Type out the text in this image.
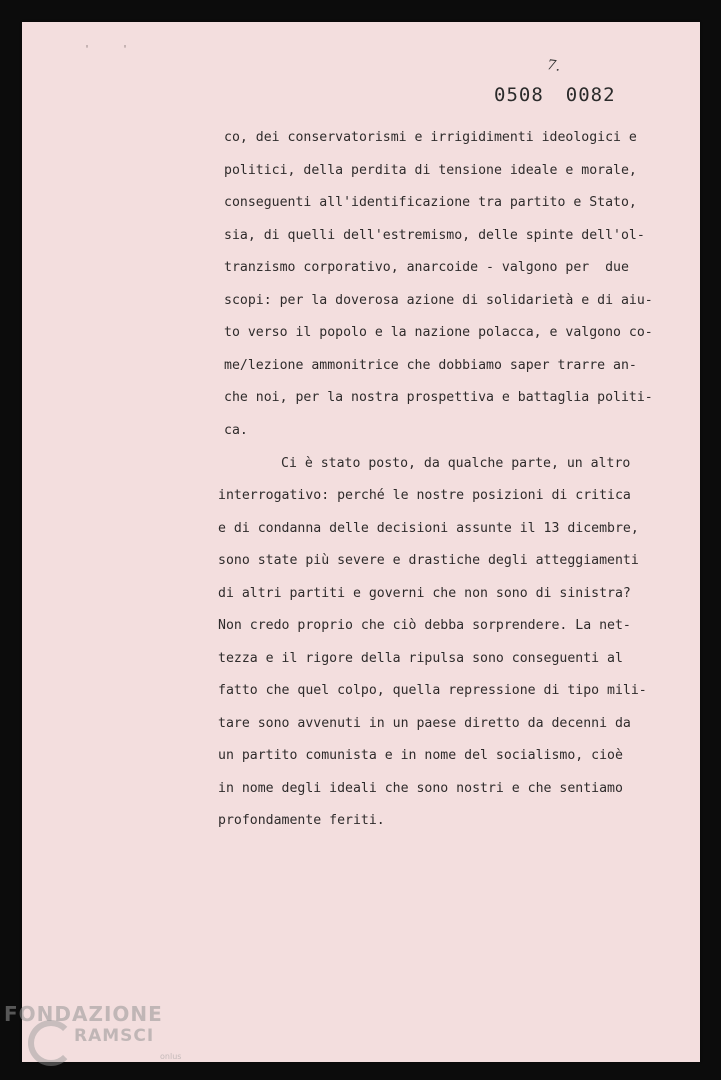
'	'
7.
0508 0082
co, dei conservatorismi e irrigidimenti ideologici e
politici, della perdita di tensione ideale e morale,
conseguenti all'identificazione tra partito e Stato,
sia, di quelli dell'estremismo, delle spinte dell'ol-
tranzismo corporativo, anarcoide - valgono per  due
scopi: per la doverosa azione di solidarietà e di aiu-
to verso il popolo e la nazione polacca, e valgono co-
me/lezione ammonitrice che dobbiamo saper trarre an-
che noi, per la nostra prospettiva e battaglia politi-
ca.
Ci è stato posto, da qualche parte, un altro
interrogativo: perché le nostre posizioni di critica
e di condanna delle decisioni assunte il 13 dicembre,
sono state più severe e drastiche degli atteggiamenti
di altri partiti e governi che non sono di sinistra?
Non credo proprio che ciò debba sorprendere. La net-
tezza e il rigore della ripulsa sono conseguenti al
fatto che quel colpo, quella repressione di tipo mili-
tare sono avvenuti in un paese diretto da decenni da
un partito comunista e in nome del socialismo, cioè
in nome degli ideali che sono nostri e che sentiamo
profondamente feriti.
FONDAZIONE
RAMSCI
onlus
